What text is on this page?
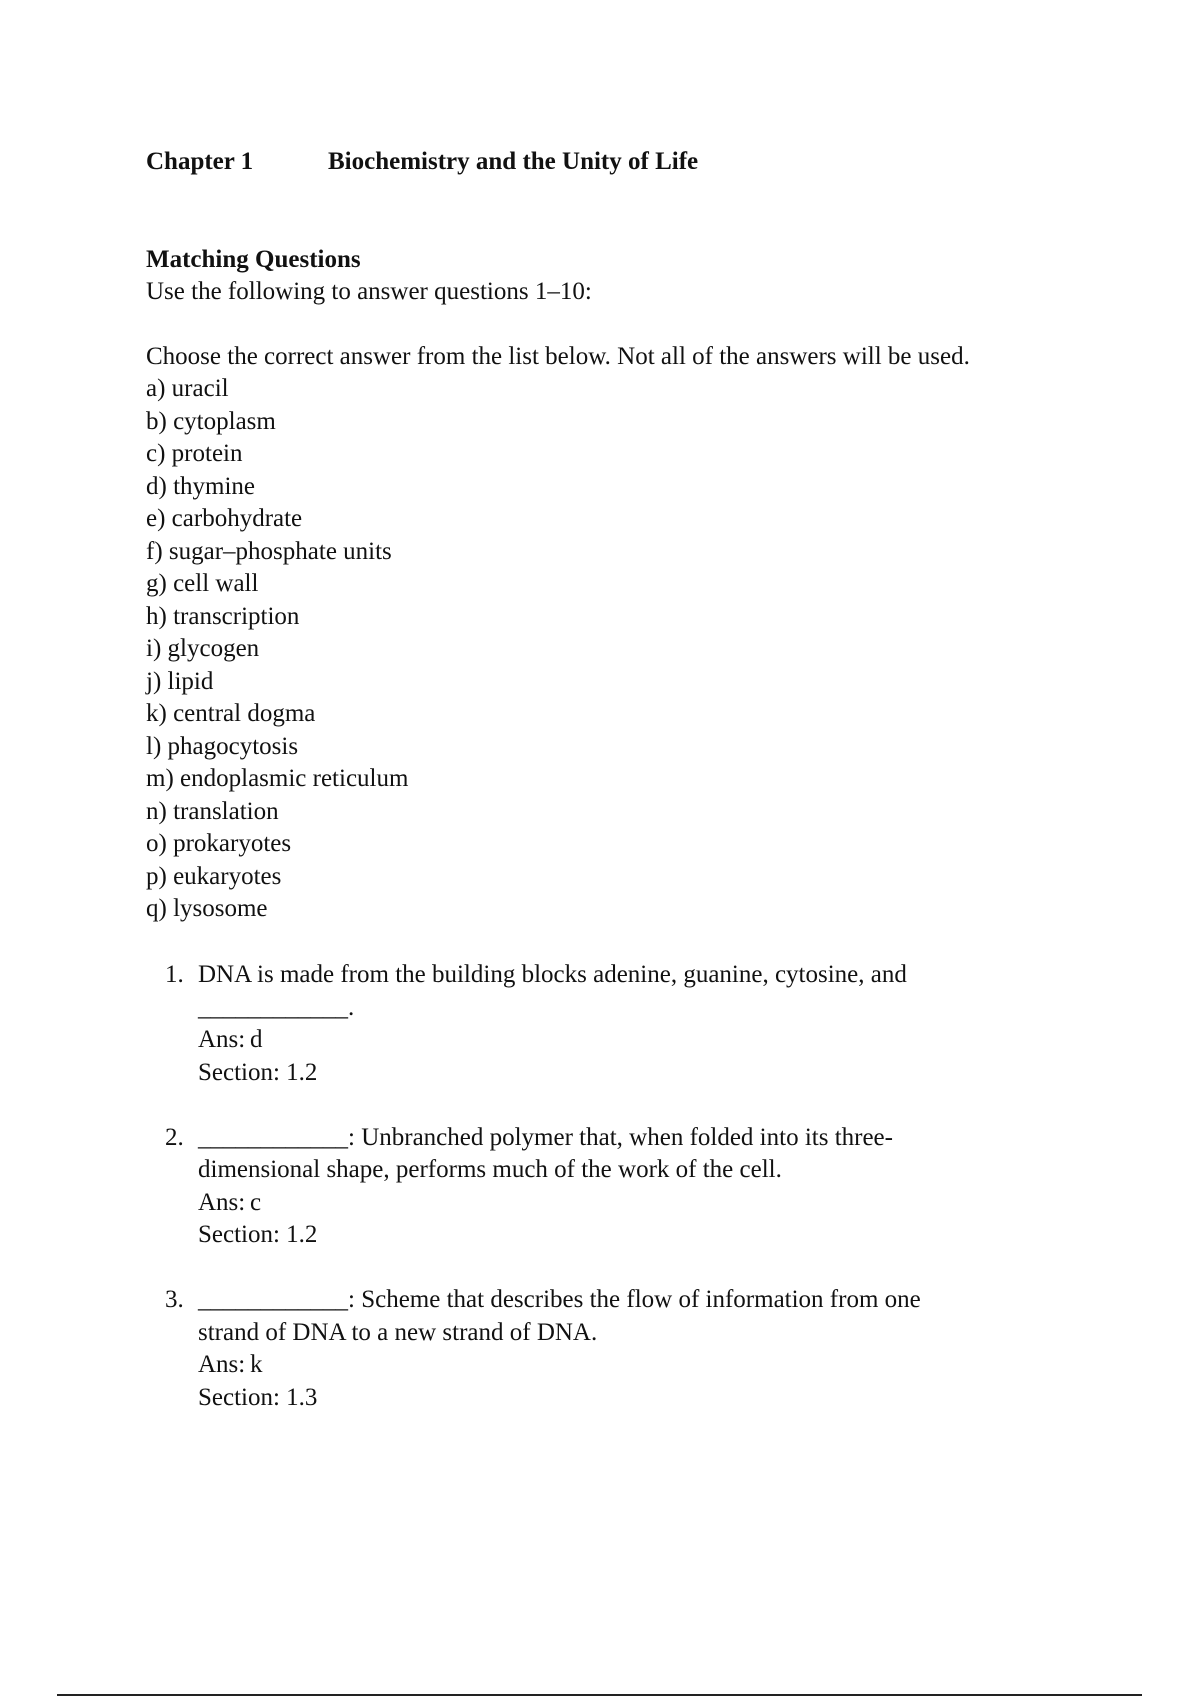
Chapter 1	Biochemistry and the Unity of Life
Matching Questions
Use the following to answer questions 1–10:
Choose the correct answer from the list below. Not all of the answers will be used.
a) uracil
b) cytoplasm
c) protein
d) thymine
e) carbohydrate
f) sugar–phosphate units
g) cell wall
h) transcription
i) glycogen
j) lipid
k) central dogma
l) phagocytosis
m) endoplasmic reticulum
n) translation
o) prokaryotes
p) eukaryotes
q) lysosome
1. DNA is made from the building blocks adenine, guanine, cytosine, and ____________.
Ans: d
Section: 1.2
2. ____________: Unbranched polymer that, when folded into its three-dimensional shape, performs much of the work of the cell.
Ans: c
Section: 1.2
3. ____________: Scheme that describes the flow of information from one strand of DNA to a new strand of DNA.
Ans: k
Section: 1.3
